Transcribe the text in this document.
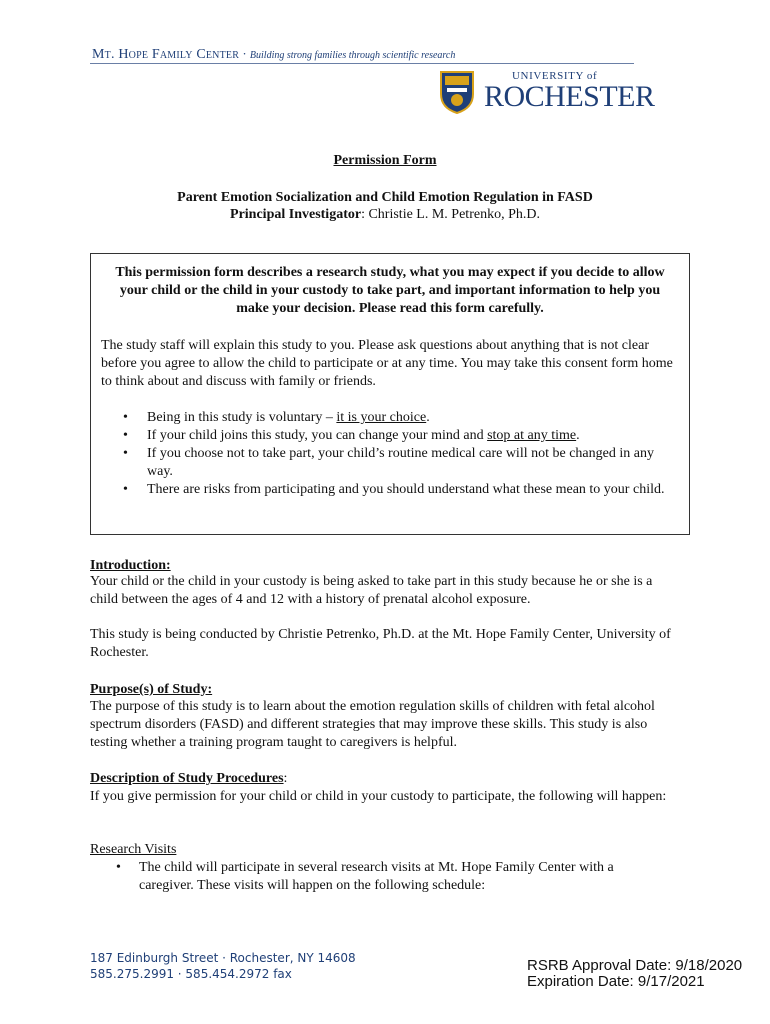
Mt. Hope Family Center · Building strong families through scientific research
UNIVERSITY of
ROCHESTER
Permission Form
Parent Emotion Socialization and Child Emotion Regulation in FASD
Principal Investigator: Christie L. M. Petrenko, Ph.D.
This permission form describes a research study, what you may expect if you decide to allow your child or the child in your custody to take part, and important information to help you make your decision. Please read this form carefully.
The study staff will explain this study to you. Please ask questions about anything that is not clear before you agree to allow the child to participate or at any time. You may take this consent form home to think about and discuss with family or friends.
• Being in this study is voluntary – it is your choice.
• If your child joins this study, you can change your mind and stop at any time.
• If you choose not to take part, your child’s routine medical care will not be changed in any way.
• There are risks from participating and you should understand what these mean to your child.
Introduction:
Your child or the child in your custody is being asked to take part in this study because he or she is a child between the ages of 4 and 12 with a history of prenatal alcohol exposure.
This study is being conducted by Christie Petrenko, Ph.D. at the Mt. Hope Family Center, University of Rochester.
Purpose(s) of Study:
The purpose of this study is to learn about the emotion regulation skills of children with fetal alcohol spectrum disorders (FASD) and different strategies that may improve these skills. This study is also testing whether a training program taught to caregivers is helpful.
Description of Study Procedures:
If you give permission for your child or child in your custody to participate, the following will happen:
Research Visits
• The child will participate in several research visits at Mt. Hope Family Center with a caregiver. These visits will happen on the following schedule:
187 Edinburgh Street · Rochester, NY 14608
585.275.2991 · 585.454.2972 fax	RSRB Approval Date: 9/18/2020
Expiration Date: 9/17/2021
